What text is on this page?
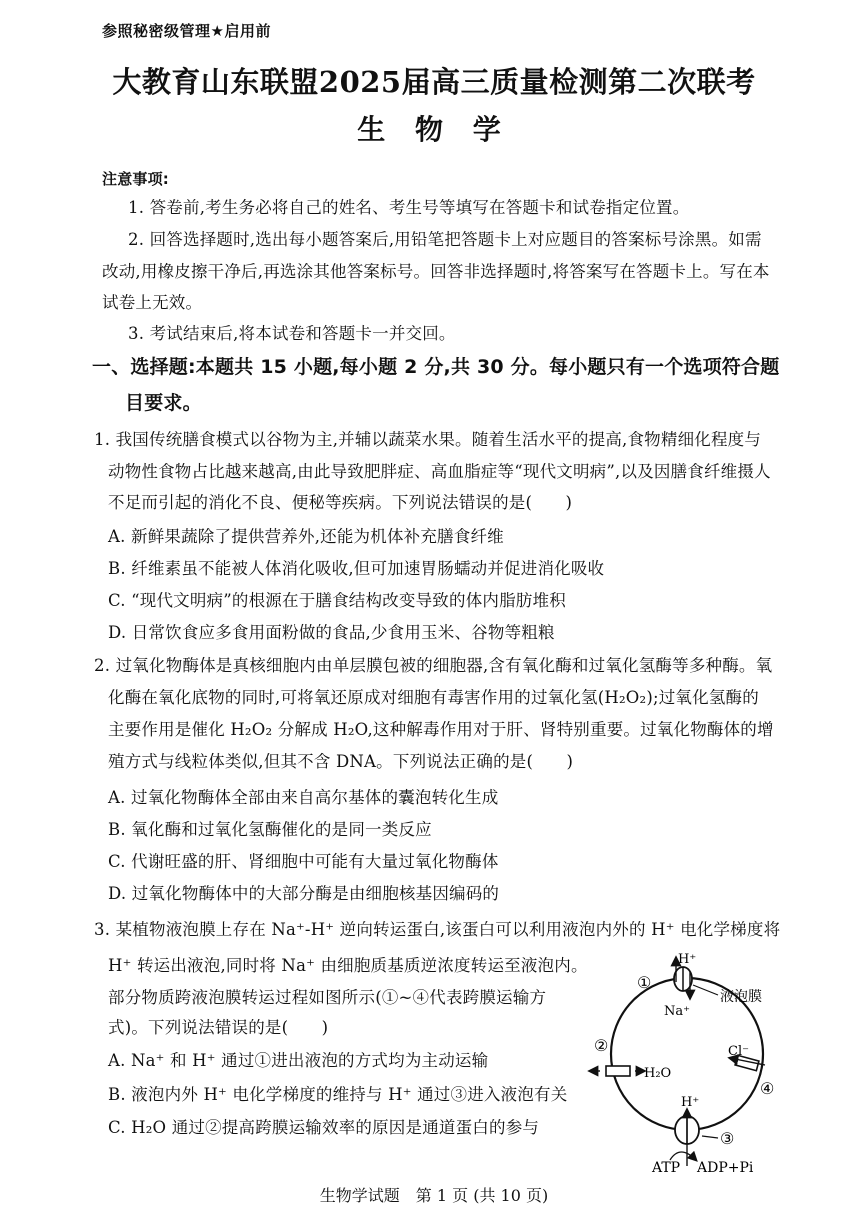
参照秘密级管理★启用前
大教育山东联盟2025届高三质量检测第二次联考
生 物 学
注意事项:
1. 答卷前,考生务必将自己的姓名、考生号等填写在答题卡和试卷指定位置。
2. 回答选择题时,选出每小题答案后,用铅笔把答题卡上对应题目的答案标号涂黑。如需
改动,用橡皮擦干净后,再选涂其他答案标号。回答非选择题时,将答案写在答题卡上。写在本
试卷上无效。
3. 考试结束后,将本试卷和答题卡一并交回。
一、选择题:本题共 15 小题,每小题 2 分,共 30 分。每小题只有一个选项符合题
目要求。
1. 我国传统膳食模式以谷物为主,并辅以蔬菜水果。随着生活水平的提高,食物精细化程度与
动物性食物占比越来越高,由此导致肥胖症、高血脂症等“现代文明病”,以及因膳食纤维摄人
不足而引起的消化不良、便秘等疾病。下列说法错误的是(　　)
A. 新鲜果蔬除了提供营养外,还能为机体补充膳食纤维
B. 纤维素虽不能被人体消化吸收,但可加速胃肠蠕动并促进消化吸收
C. “现代文明病”的根源在于膳食结构改变导致的体内脂肪堆积
D. 日常饮食应多食用面粉做的食品,少食用玉米、谷物等粗粮
2. 过氧化物酶体是真核细胞内由单层膜包被的细胞器,含有氧化酶和过氧化氢酶等多种酶。氧
化酶在氧化底物的同时,可将氧还原成对细胞有毒害作用的过氧化氢(H₂O₂);过氧化氢酶的
主要作用是催化 H₂O₂ 分解成 H₂O,这种解毒作用对于肝、肾特别重要。过氧化物酶体的增
殖方式与线粒体类似,但其不含 DNA。下列说法正确的是(　　)
A. 过氧化物酶体全部由来自高尔基体的囊泡转化生成
B. 氧化酶和过氧化氢酶催化的是同一类反应
C. 代谢旺盛的肝、肾细胞中可能有大量过氧化物酶体
D. 过氧化物酶体中的大部分酶是由细胞核基因编码的
3. 某植物液泡膜上存在 Na⁺-H⁺ 逆向转运蛋白,该蛋白可以利用液泡内外的 H⁺ 电化学梯度将
H⁺ 转运出液泡,同时将 Na⁺ 由细胞质基质逆浓度转运至液泡内。
部分物质跨液泡膜转运过程如图所示(①~④代表跨膜运输方
式)。下列说法错误的是(　　)
A. Na⁺ 和 H⁺ 通过①进出液泡的方式均为主动运输
B. 液泡内外 H⁺ 电化学梯度的维持与 H⁺ 通过③进入液泡有关
C. H₂O 通过②提高跨膜运输效率的原因是通道蛋白的参与
H⁺
Na⁺
①
液泡膜
②
H₂O
Cl⁻
④
H⁺
③
ATP ADP+Pi
生物学试题　第 1 页 (共 10 页)
